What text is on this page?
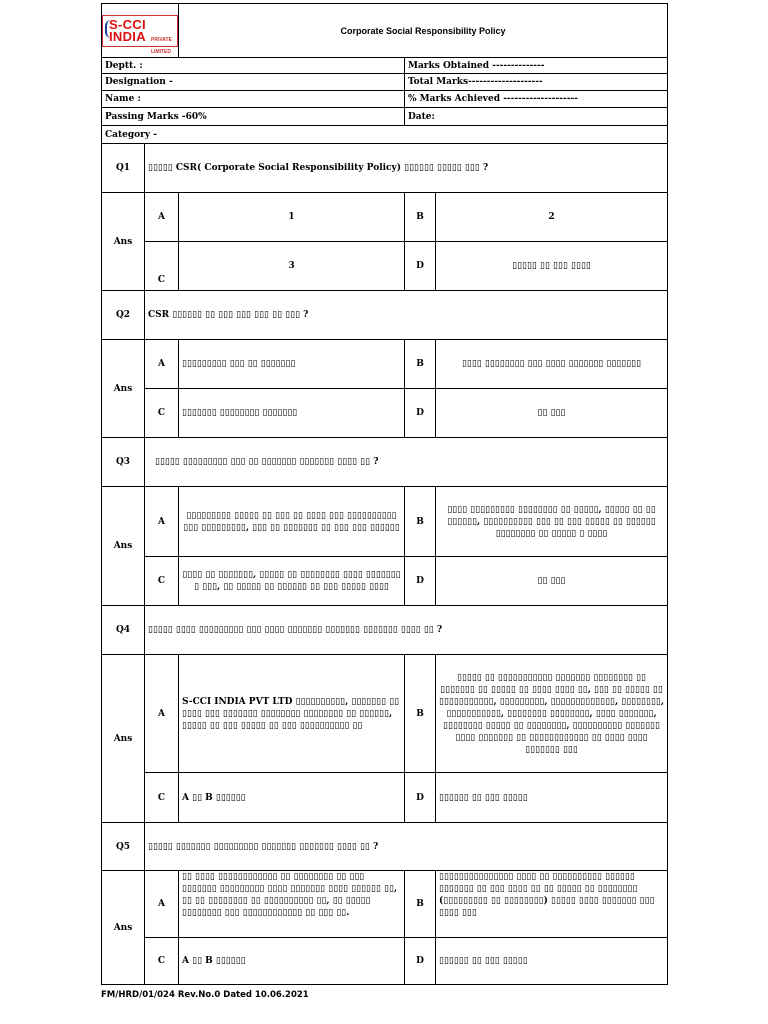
S-CCI INDIA PRIVATE LIMITED		Corporate Social Responsibility Policy		
Deptt. :			Marks Obtained --------------	
Designation -			Total Marks--------------------	
Name :			% Marks Achieved --------------------	
Passing Marks -60%			Date:	
Category -				
Q1	▯▯▯▯▯ CSR( Corporate Social Responsibility Policy) ▯▯▯▯▯▯ ▯▯▯▯▯ ▯▯▯ ?			
Ans	A	1	B	2
	C	3	D	▯▯▯▯▯ ▯▯ ▯▯▯ ▯▯▯▯
Q2	CSR ▯▯▯▯▯▯ ▯▯ ▯▯▯ ▯▯▯ ▯▯▯ ▯▯ ▯▯▯ ?			
Ans	A	▯▯▯▯▯▯▯▯▯ ▯▯▯ ▯▯ ▯▯▯▯▯▯▯	B	▯▯▯▯ ▯▯▯▯▯▯▯▯ ▯▯▯ ▯▯▯▯ ▯▯▯▯▯▯▯ ▯▯▯▯▯▯▯
	C	▯▯▯▯▯▯▯ ▯▯▯▯▯▯▯▯ ▯▯▯▯▯▯▯	D	▯▯ ▯▯▯
Q3	▯▯▯▯▯ ▯▯▯▯▯▯▯▯▯ ▯▯▯ ▯▯ ▯▯▯▯▯▯▯ ▯▯▯▯▯▯▯ ▯▯▯▯ ▯▯ ?			
Ans	A	▯▯▯▯▯▯▯▯▯ ▯▯▯▯▯ ▯▯ ▯▯▯ ▯▯ ▯▯▯▯ ▯▯▯ ▯▯▯▯▯▯▯▯▯▯ ▯▯▯ ▯▯▯▯▯▯▯▯▯, ▯▯▯ ▯▯ ▯▯▯▯▯▯▯ ▯▯ ▯▯▯ ▯▯▯ ▯▯▯▯▯▯	B	▯▯▯▯ ▯▯▯▯▯▯▯▯▯ ▯▯▯▯▯▯▯▯ ▯▯ ▯▯▯▯▯, ▯▯▯▯▯ ▯▯ ▯▯ ▯▯▯▯▯▯, ▯▯▯▯▯▯▯▯▯▯ ▯▯▯ ▯▯ ▯▯▯ ▯▯▯▯▯ ▯▯ ▯▯▯▯▯▯ ▯▯▯▯▯▯▯▯ ▯▯ ▯▯▯▯▯ ▯ ▯▯▯▯
	C	▯▯▯▯ ▯▯ ▯▯▯▯▯▯▯, ▯▯▯▯▯ ▯▯ ▯▯▯▯▯▯▯▯ ▯▯▯▯ ▯▯▯▯▯▯▯ ▯ ▯▯▯, ▯▯ ▯▯▯▯▯ ▯▯ ▯▯▯▯▯▯ ▯▯ ▯▯▯ ▯▯▯▯▯ ▯▯▯▯	D	▯▯ ▯▯▯
Q4	▯▯▯▯▯ ▯▯▯▯ ▯▯▯▯▯▯▯▯▯ ▯▯▯ ▯▯▯▯ ▯▯▯▯▯▯▯ ▯▯▯▯▯▯▯ ▯▯▯▯▯▯▯ ▯▯▯▯ ▯▯ ?			
Ans	A	S-CCI INDIA PVT LTD ▯▯▯▯▯▯▯▯▯▯, ▯▯▯▯▯▯▯ ▯▯ ▯▯▯▯ ▯▯▯ ▯▯▯▯▯▯▯ ▯▯▯▯▯▯▯▯ ▯▯▯▯▯▯▯▯ ▯▯ ▯▯▯▯▯▯, ▯▯▯▯▯ ▯▯ ▯▯▯ ▯▯▯▯▯ ▯▯ ▯▯▯ ▯▯▯▯▯▯▯▯▯▯ ▯▯	B	▯▯▯▯▯ ▯▯ ▯▯▯▯▯▯▯▯▯▯▯ ▯▯▯▯▯▯▯ ▯▯▯▯▯▯▯▯ ▯▯ ▯▯▯▯▯▯▯ ▯▯ ▯▯▯▯▯ ▯▯ ▯▯▯▯ ▯▯▯▯ ▯▯, ▯▯▯ ▯▯ ▯▯▯▯▯ ▯▯ ▯▯▯▯▯▯▯▯▯▯▯, ▯▯▯▯▯▯▯▯▯, ▯▯▯▯▯▯▯▯▯▯▯▯▯, ▯▯▯▯▯▯▯▯, ▯▯▯▯▯▯▯▯▯▯▯, ▯▯▯▯▯▯▯▯ ▯▯▯▯▯▯▯▯, ▯▯▯▯ ▯▯▯▯▯▯▯, ▯▯▯▯▯▯▯▯ ▯▯▯▯▯ ▯▯ ▯▯▯▯▯▯▯▯, ▯▯▯▯▯▯▯▯▯▯ ▯▯▯▯▯▯▯ ▯▯▯▯ ▯▯▯▯▯▯▯ ▯▯ ▯▯▯▯▯▯▯▯▯▯▯▯ ▯▯ ▯▯▯▯ ▯▯▯▯ ▯▯▯▯▯▯▯ ▯▯▯
	C	A ▯▯ B ▯▯▯▯▯▯	D	▯▯▯▯▯▯ ▯▯ ▯▯▯ ▯▯▯▯▯
Q5	▯▯▯▯▯ ▯▯▯▯▯▯▯ ▯▯▯▯▯▯▯▯▯ ▯▯▯▯▯▯▯ ▯▯▯▯▯▯▯ ▯▯▯▯ ▯▯ ?			
Ans	A	▯▯ ▯▯▯▯ ▯▯▯▯▯▯▯▯▯▯▯▯ ▯▯ ▯▯▯▯▯▯▯▯ ▯▯ ▯▯▯ ▯▯▯▯▯▯▯ ▯▯▯▯▯▯▯▯▯ ▯▯▯▯ ▯▯▯▯▯▯▯ ▯▯▯▯ ▯▯▯▯▯▯ ▯▯, ▯▯ ▯▯ ▯▯▯▯▯▯▯▯ ▯▯ ▯▯▯▯▯▯▯▯▯▯ ▯▯, ▯▯ ▯▯▯▯▯ ▯▯▯▯▯▯▯▯ ▯▯▯ ▯▯▯▯▯▯▯▯▯▯▯▯ ▯▯ ▯▯▯ ▯▯.	B	▯▯▯▯▯▯▯▯▯▯▯▯▯▯▯ ▯▯▯▯ ▯▯ ▯▯▯▯▯▯▯▯▯▯ ▯▯▯▯▯▯ ▯▯▯▯▯▯▯ ▯▯ ▯▯▯ ▯▯▯▯ ▯▯ ▯▯ ▯▯▯▯▯ ▯▯ ▯▯▯▯▯▯▯▯ (▯▯▯▯▯▯▯▯▯ ▯▯ ▯▯▯▯▯▯▯▯) ▯▯▯▯▯ ▯▯▯▯ ▯▯▯▯▯▯▯ ▯▯▯ ▯▯▯▯ ▯▯▯
	C	A ▯▯ B ▯▯▯▯▯▯	D	▯▯▯▯▯▯ ▯▯ ▯▯▯ ▯▯▯▯▯
FM/HRD/01/024 Rev.No.0 Dated 10.06.2021
